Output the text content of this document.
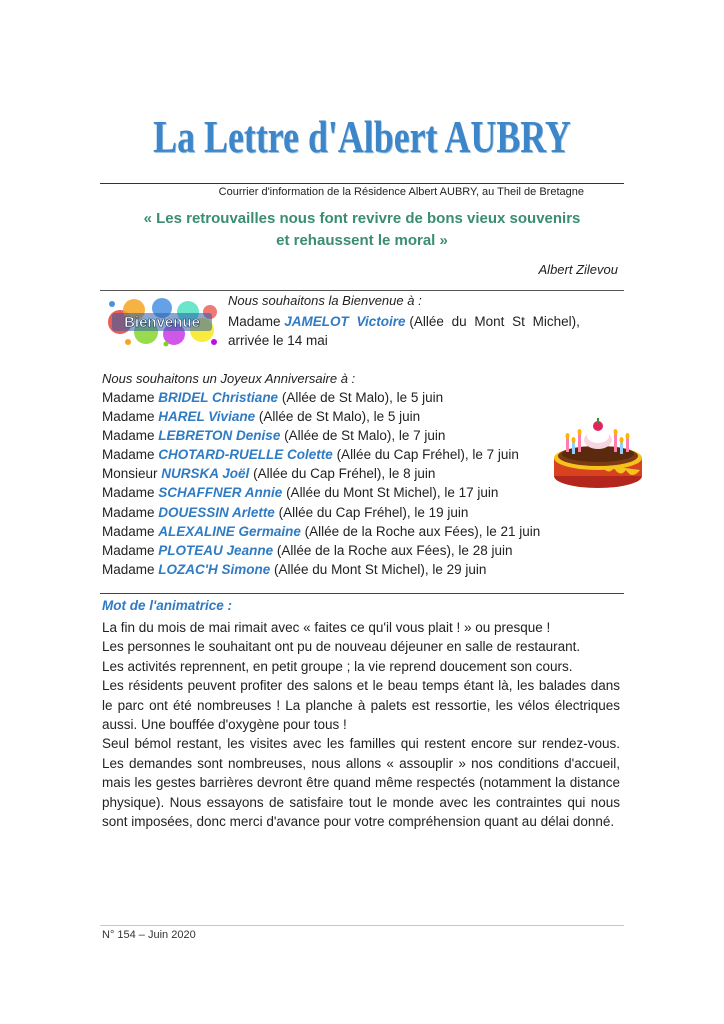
La Lettre d'Albert AUBRY
Courrier d'information de la Résidence Albert AUBRY, au Theil de Bretagne
« Les retrouvailles nous font revivre de bons vieux souvenirs
et rehaussent le moral »
Albert Zilevou
Bienvenue
Nous souhaitons la Bienvenue à :
Madame JAMELOT Victoire (Allée du Mont St Michel),
arrivée le 14 mai
Nous souhaitons un Joyeux Anniversaire à :
Madame BRIDEL Christiane (Allée de St Malo), le 5 juin
Madame HAREL Viviane (Allée de St Malo), le 5 juin
Madame LEBRETON Denise (Allée de St Malo), le 7 juin
Madame CHOTARD-RUELLE Colette (Allée du Cap Fréhel), le 7 juin
Monsieur NURSKA Joël (Allée du Cap Fréhel), le 8 juin
Madame SCHAFFNER Annie (Allée du Mont St Michel), le 17 juin
Madame DOUESSIN Arlette (Allée du Cap Fréhel), le 19 juin
Madame ALEXALINE Germaine (Allée de la Roche aux Fées), le 21 juin
Madame PLOTEAU Jeanne (Allée de la Roche aux Fées), le 28 juin
Madame LOZAC'H Simone (Allée du Mont St Michel), le 29 juin
Mot de l'animatrice :

La fin du mois de mai rimait avec « faites ce qu'il vous plait ! » ou presque !

Les personnes le souhaitant ont pu de nouveau déjeuner en salle de restaurant.

Les activités reprennent, en petit groupe ; la vie reprend doucement son cours.

Les résidents peuvent profiter des salons et le beau temps étant là, les balades dans le parc ont été nombreuses ! La planche à palets est ressortie, les vélos électriques aussi. Une bouffée d'oxygène pour tous !

Seul bémol restant, les visites avec les familles qui restent encore sur rendez-vous. Les demandes sont nombreuses, nous allons « assouplir » nos conditions d'accueil, mais les gestes barrières devront être quand même respectés (notamment la distance physique). Nous essayons de satisfaire tout le monde avec les contraintes qui nous sont imposées, donc merci d'avance pour votre compréhension quant au délai donné.

N° 154 – Juin 2020
